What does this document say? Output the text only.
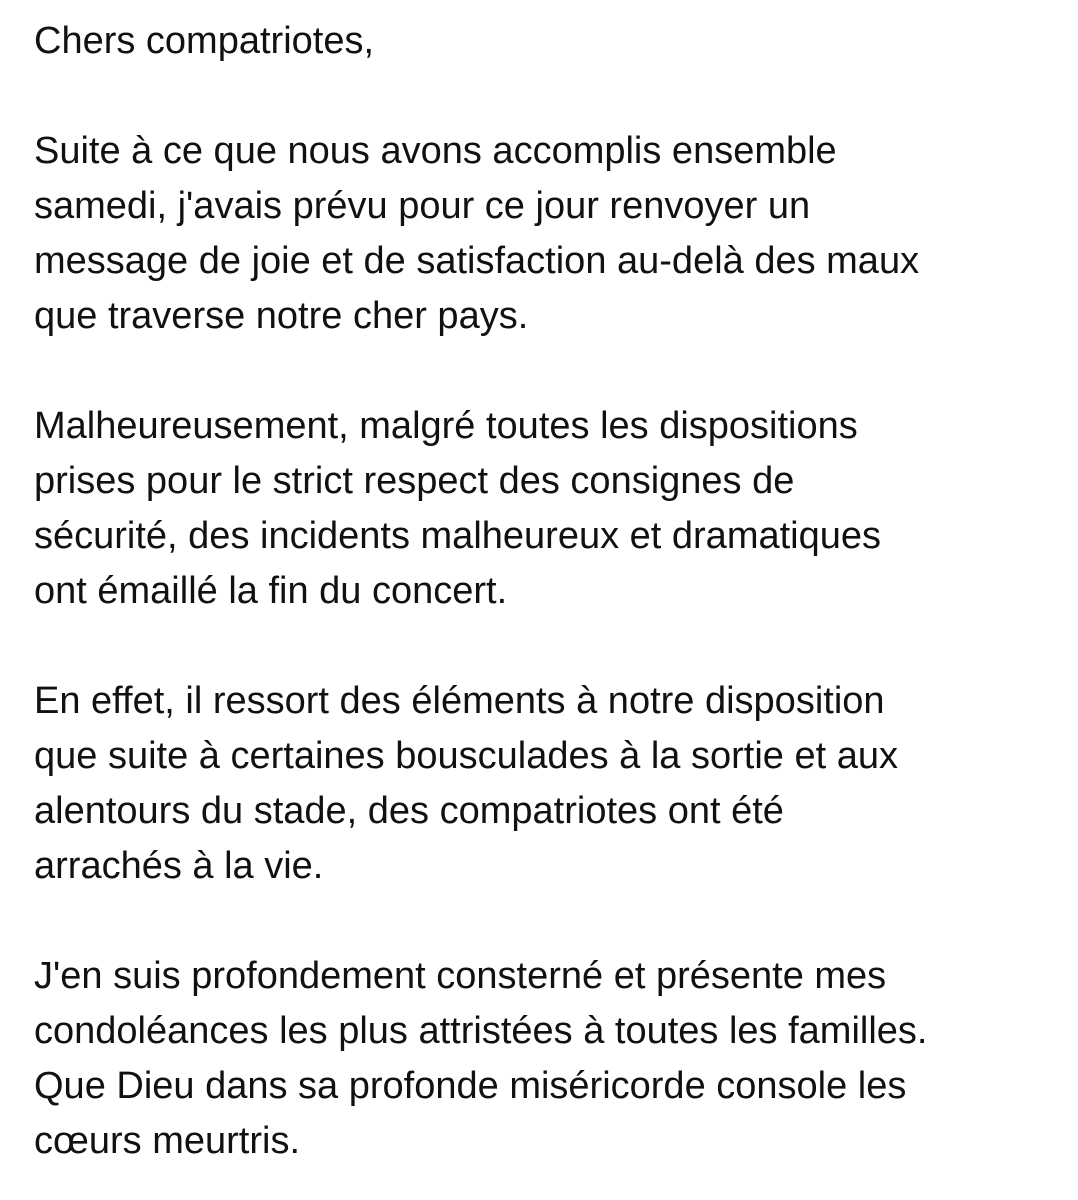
Chers compatriotes,
Suite à ce que nous avons accomplis ensemble
samedi, j'avais prévu pour ce jour renvoyer un
message de joie et de satisfaction au-delà des maux
que traverse notre cher pays.
Malheureusement, malgré toutes les dispositions
prises pour le strict respect des consignes de
sécurité, des incidents malheureux et dramatiques
ont émaillé la fin du concert.
En effet, il ressort des éléments à notre disposition
que suite à certaines bousculades à la sortie et aux
alentours du stade, des compatriotes ont été
arrachés à la vie.
J'en suis profondement consterné et présente mes
condoléances les plus attristées à toutes les familles.
Que Dieu dans sa profonde miséricorde console les
cœurs meurtris.
